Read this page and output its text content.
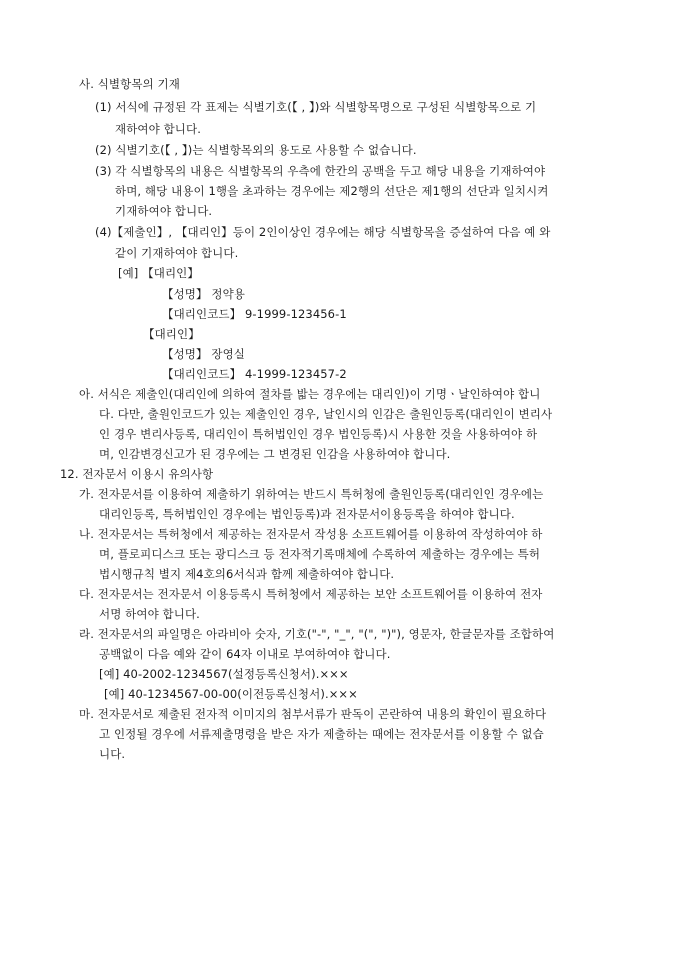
사. 식별항목의 기재
(1) 서식에 규정된 각 표제는 식별기호(【 , 】)와 식별항목명으로 구성된 식별항목으로 기
재하여야 합니다.
(2) 식별기호(【 , 】)는 식별항목외의 용도로 사용할 수 없습니다.
(3) 각 식별항목의 내용은 식별항목의 우측에 한칸의 공백을 두고 해당 내용을 기재하여야
하며, 해당 내용이 1행을 초과하는 경우에는 제2행의 선단은 제1행의 선단과 일치시켜
기재하여야 합니다.
(4)【제출인】, 【대리인】등이 2인이상인 경우에는 해당 식별항목을 증설하여 다음 예 와
같이 기재하여야 합니다.
[예] 【대리인】
【성명】 정약용
【대리인코드】 9-1999-123456-1
【대리인】
【성명】 장영실
【대리인코드】 4-1999-123457-2
아. 서식은 제출인(대리인에 의하여 절차를 밟는 경우에는 대리인)이 기명ㆍ날인하여야 합니
다. 다만, 출원인코드가 있는 제출인인 경우, 날인시의 인감은 출원인등록(대리인이 변리사
인 경우 변리사등록, 대리인이 특허법인인 경우 법인등록)시 사용한 것을 사용하여야 하
며, 인감변경신고가 된 경우에는 그 변경된 인감을 사용하여야 합니다.
12. 전자문서 이용시 유의사항
가. 전자문서를 이용하여 제출하기 위하여는 반드시 특허청에 출원인등록(대리인인 경우에는
대리인등록, 특허법인인 경우에는 법인등록)과 전자문서이용등록을 하여야 합니다.
나. 전자문서는 특허청에서 제공하는 전자문서 작성용 소프트웨어를 이용하여 작성하여야 하
며, 플로피디스크 또는 광디스크 등 전자적기록매체에 수록하여 제출하는 경우에는 특허
법시행규칙 별지 제4호의6서식과 함께 제출하여야 합니다.
다. 전자문서는 전자문서 이용등록시 특허청에서 제공하는 보안 소프트웨어를 이용하여 전자
서명 하여야 합니다.
라. 전자문서의 파일명은 아라비아 숫자, 기호("-", "_", "(", ")"), 영문자, 한글문자를 조합하여
공백없이 다음 예와 같이 64자 이내로 부여하여야 합니다.
[예] 40-2002-1234567(설정등록신청서).×××
[예] 40-1234567-00-00(이전등록신청서).×××
마. 전자문서로 제출된 전자적 이미지의 첨부서류가 판독이 곤란하여 내용의 확인이 필요하다
고 인정될 경우에 서류제출명령을 받은 자가 제출하는 때에는 전자문서를 이용할 수 없습
니다.
